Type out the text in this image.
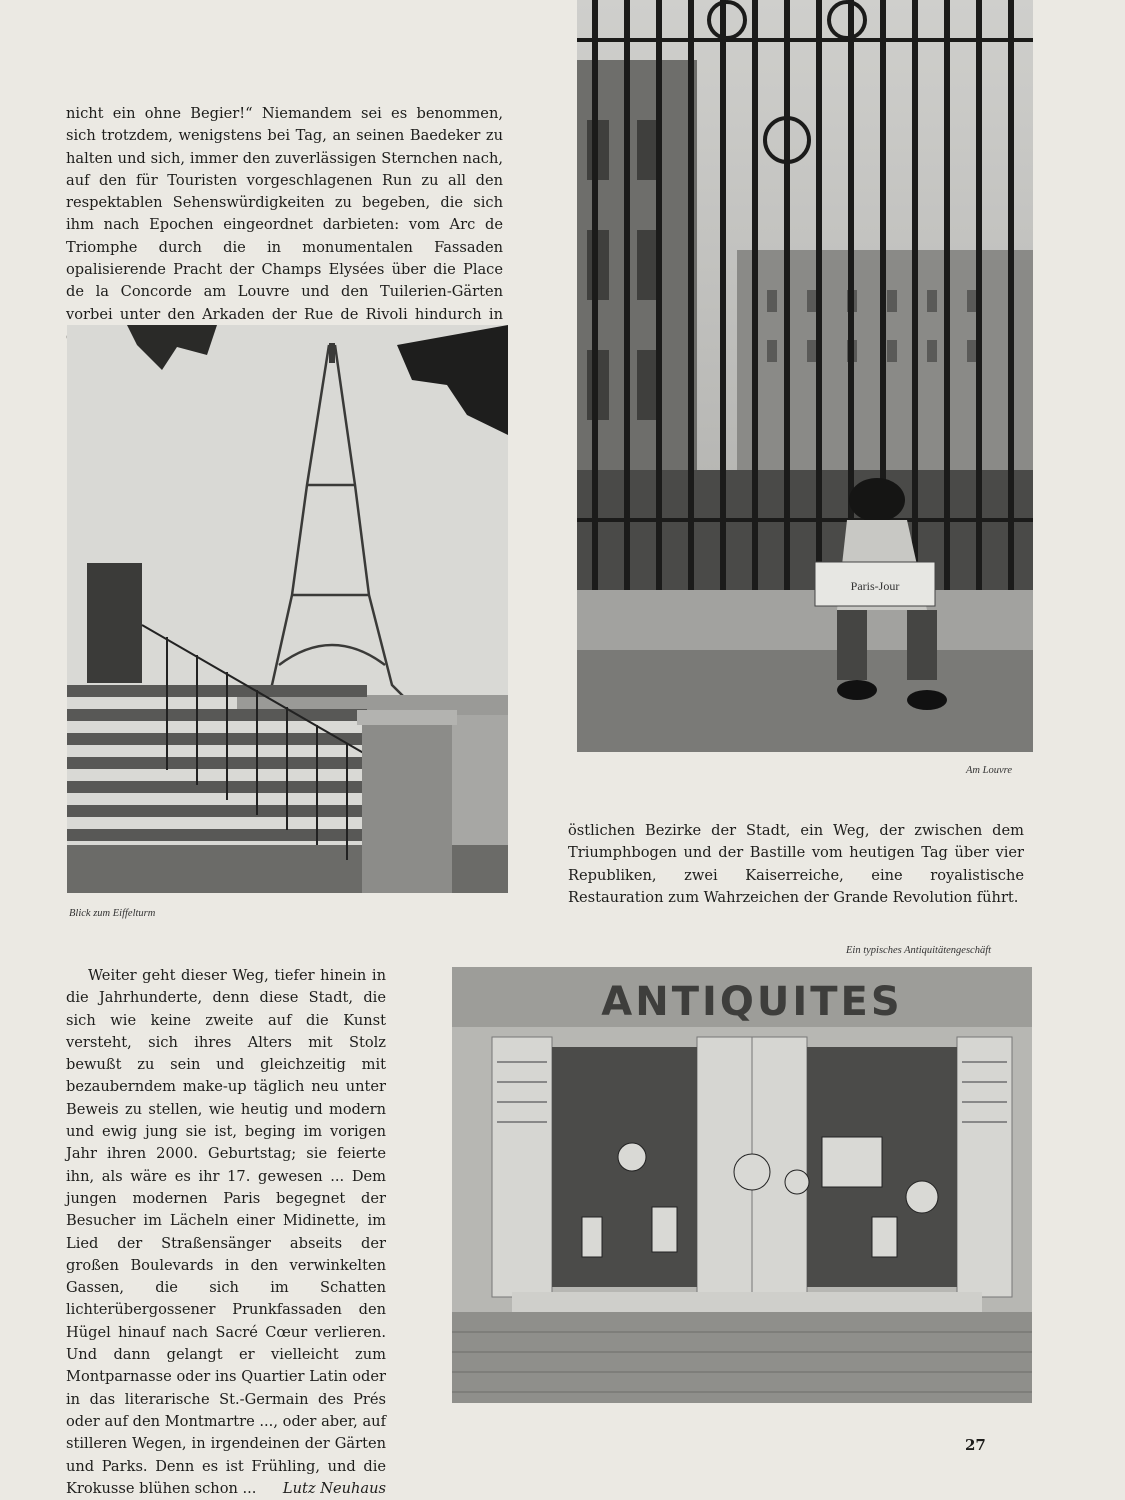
nicht ein ohne Begier!“ Niemandem sei es benommen, sich trotzdem, wenigstens bei Tag, an seinen Baedeker zu halten und sich, immer den zuverlässigen Sternchen nach, auf den für Touristen vorgeschlagenen Run zu all den respektablen Sehenswürdigkeiten zu begeben, die sich ihm nach Epochen eingeordnet darbieten: vom Arc de Triomphe durch die in monumentalen Fassaden opalisierende Pracht der Champs Elysées über die Place de la Concorde am Louvre und den Tuilerien-Gärten vorbei unter den Arkaden der Rue de Rivoli hindurch in

Paris-Jour
Am Louvre
Blick zum Eiffelturm

östlichen Bezirke der Stadt, ein Weg, der zwischen dem Triumphbogen und der Bastille vom heutigen Tag über vier Republiken, zwei Kaiserreiche, eine royalistische Restauration zum Wahrzeichen der Grande Revolution führt.

Ein typisches Antiquitätengeschäft
ANTIQUITES

Weiter geht dieser Weg, tiefer hinein in die Jahrhunderte, denn diese Stadt, die sich wie keine zweite auf die Kunst versteht, sich ihres Alters mit Stolz bewußt zu sein und gleichzeitig mit bezauberndem make-up täglich neu unter Beweis zu stellen, wie heutig und modern und ewig jung sie ist, beging im vorigen Jahr ihren 2000. Geburtstag; sie feierte ihn, als wäre es ihr 17. gewesen ... Dem jungen modernen Paris begegnet der Besucher im Lächeln einer Midinette, im Lied der Straßensänger abseits der großen Boulevards in den verwinkelten Gassen, die sich im Schatten lichterübergossener Prunkfassaden den Hügel hinauf nach Sacré Cœur verlieren. Und dann gelangt er vielleicht zum Montparnasse oder ins Quartier Latin oder in das literarische St.-Germain des Prés oder auf den Montmartre ..., oder aber, auf stilleren Wegen, in irgendeinen der Gärten und Parks. Denn es ist Frühling, und die Krokusse blühen schon ...	Lutz Neuhaus

27
